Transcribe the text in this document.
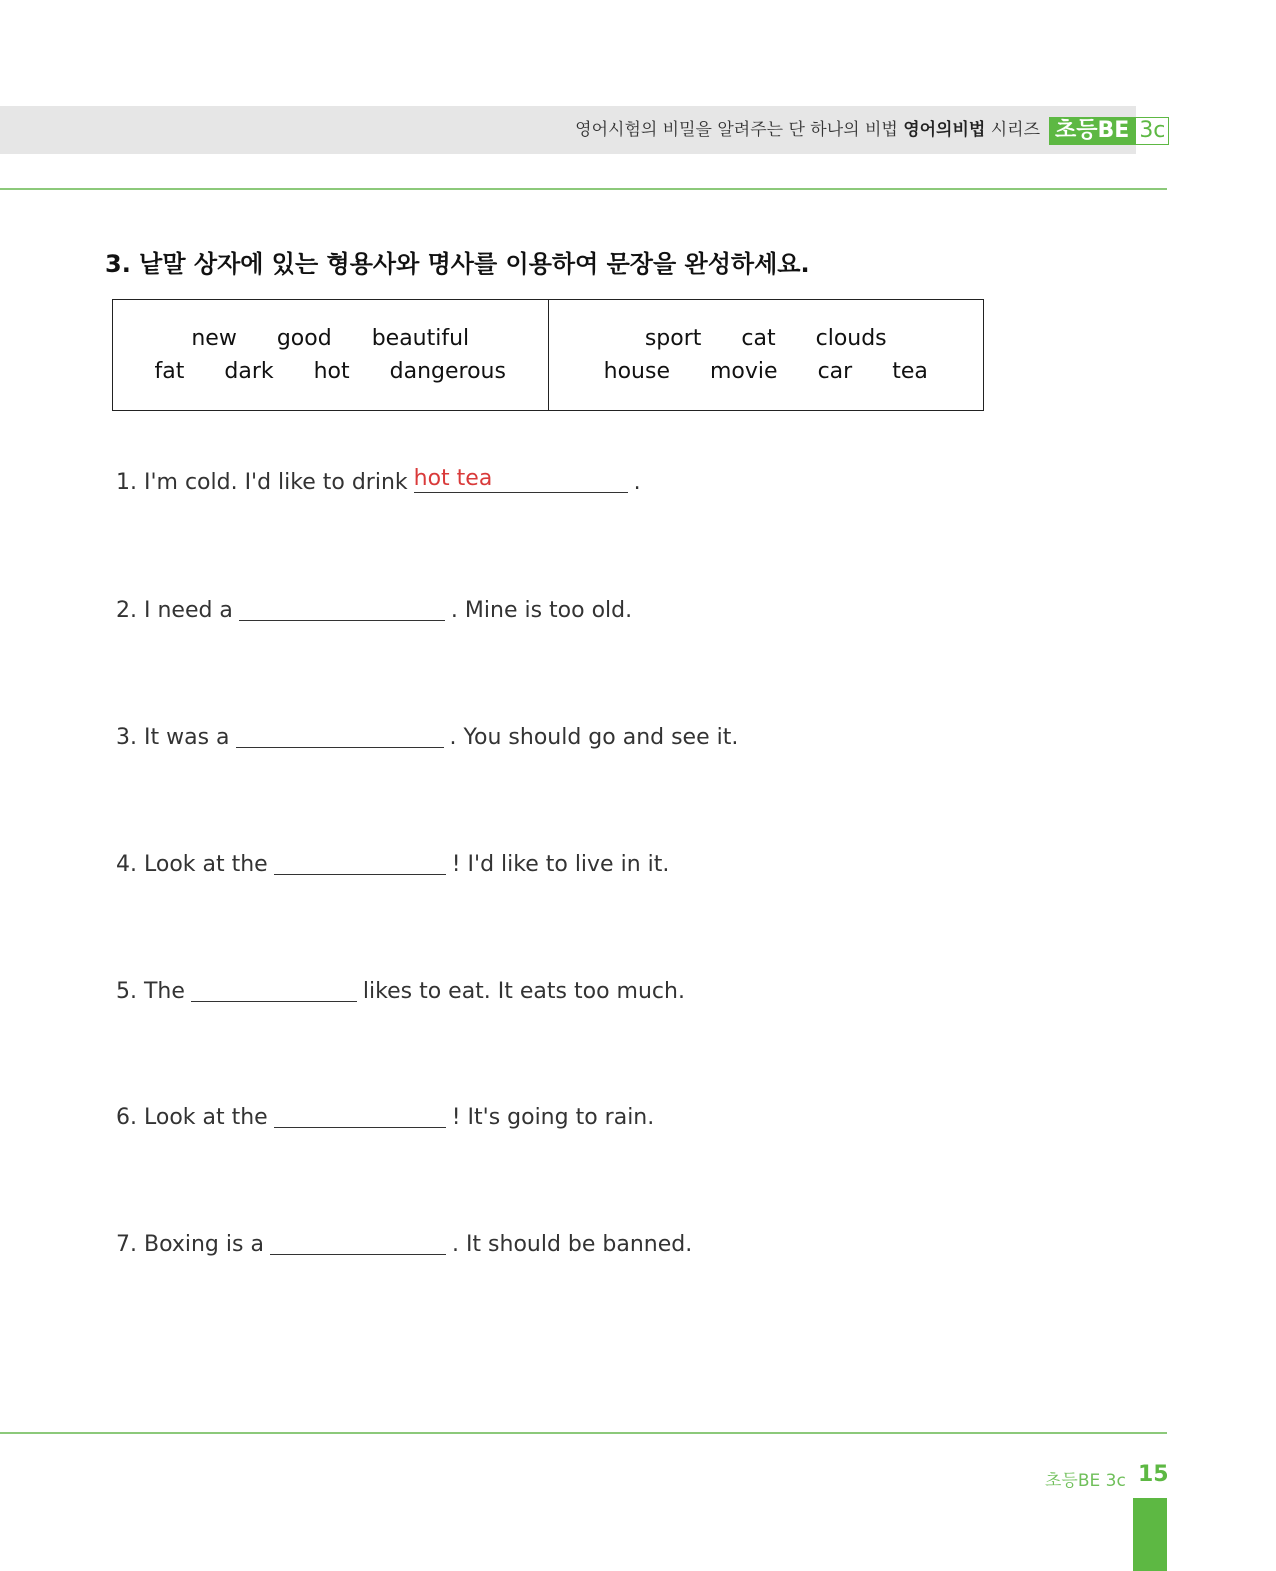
영어시험의 비밀을 알려주는 단 하나의 비법 영어의비법 시리즈 초등BE 3c
3. 낱말 상자에 있는 형용사와 명사를 이용하여 문장을 완성하세요.
new good beautiful
fat dark hot dangerous
sport cat clouds
house movie car tea
1. I'm cold. I'd like to drink hot tea	.
2. I need a	. Mine is too old.
3. It was a	. You should go and see it.
4. Look at the	! I'd like to live in it.
5. The	likes to eat. It eats too much.
6. Look at the	! It's going to rain.
7. Boxing is a	. It should be banned.
초등BE 3c 15
